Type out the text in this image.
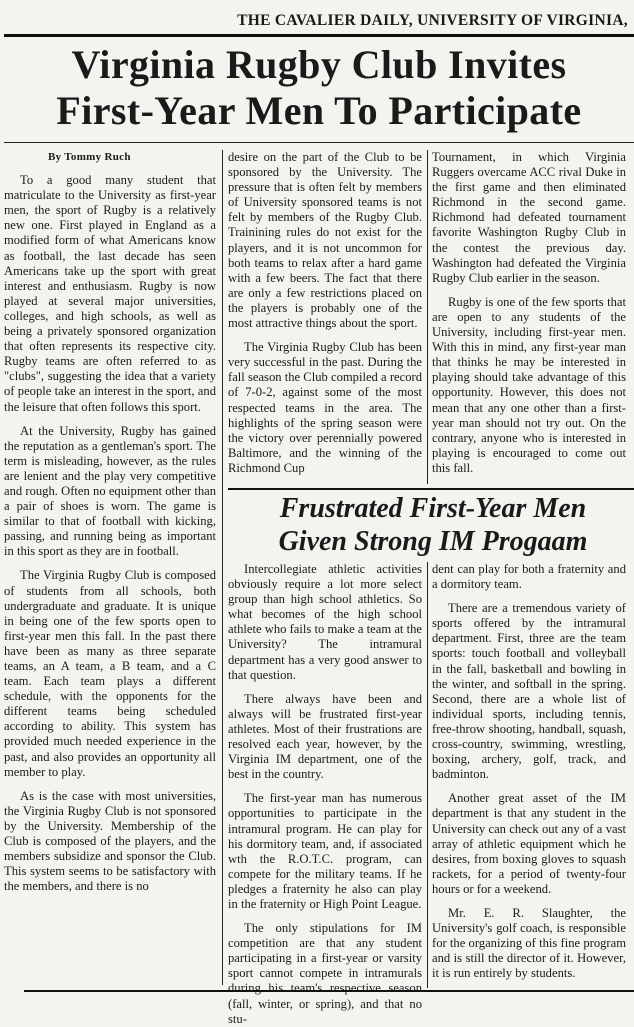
THE CAVALIER DAILY, UNIVERSITY OF VIRGINIA,
Virginia Rugby Club Invites
First-Year Men To Participate
By Tommy Ruch

To a good many student that matriculate to the University as first-year men, the sport of Rugby is a relatively new one. First played in England as a modified form of what Americans know as football, the last decade has seen Americans take up the sport with great interest and enthusiasm. Rugby is now played at several major universities, colleges, and high schools, as well as being a privately sponsored organization that often represents its respective city. Rugby teams are often referred to as "clubs", suggesting the idea that a variety of people take an interest in the sport, and the leisure that often follows this sport.

At the University, Rugby has gained the reputation as a gentleman's sport. The term is misleading, however, as the rules are lenient and the play very competitive and rough. Often no equipment other than a pair of shoes is worn. The game is similar to that of football with kicking, passing, and running being as important in this sport as they are in football.

The Virginia Rugby Club is composed of students from all schools, both undergraduate and graduate. It is unique in being one of the few sports open to first-year men this fall. In the past there have been as many as three separate teams, an A team, a B team, and a C team. Each team plays a different schedule, with the opponents for the different teams being scheduled according to ability. This system has provided much needed experience in the past, and also provides an opportunity all member to play.

As is the case with most universities, the Virginia Rugby Club is not sponsored by the University. Membership of the Club is composed of the players, and the members subsidize and sponsor the Club. This system seems to be satisfactory with the members, and there is no

desire on the part of the Club to be sponsored by the University. The pressure that is often felt by members of University sponsored teams is not felt by members of the Rugby Club. Trainining rules do not exist for the players, and it is not uncommon for both teams to relax after a hard game with a few beers. The fact that there are only a few restrictions placed on the players is probably one of the most attractive things about the sport.

The Virginia Rugby Club has been very successful in the past. During the fall season the Club compiled a record of 7-0-2, against some of the most respected teams in the area. The highlights of the spring season were the victory over perennially powered Baltimore, and the winning of the Richmond Cup

Tournament, in which Virginia Ruggers overcame ACC rival Duke in the first game and then eliminated Richmond in the second game. Richmond had defeated tournament favorite Washington Rugby Club in the contest the previous day. Washington had defeated the Virginia Rugby Club earlier in the season.

Rugby is one of the few sports that are open to any students of the University, including first-year men. With this in mind, any first-year man that thinks he may be interested in playing should take advantage of this opportunity. However, this does not mean that any one other than a first-year man should not try out. On the contrary, anyone who is interested in playing is encouraged to come out this fall.

Frustrated First-Year Men
Given Strong IM Progaam

Intercollegiate athletic activities obviously require a lot more select group than high school athletics. So what becomes of the high school athlete who fails to make a team at the University? The intramural department has a very good answer to that question.

There always have been and always will be frustrated first-year athletes. Most of their frustrations are resolved each year, however, by the Virginia IM department, one of the best in the country.

The first-year man has numerous opportunities to participate in the intramural program. He can play for his dormitory team, and, if associated wth the R.O.T.C. program, can compete for the military teams. If he pledges a fraternity he also can play in the fraternity or High Point League.

The only stipulations for IM competition are that any student participating in a first-year or varsity sport cannot compete in intramurals during his team's respective season (fall, winter, or spring), and that no stu-

dent can play for both a fraternity and a dormitory team.

There are a tremendous variety of sports offered by the intramural department. First, three are the team sports: touch football and volleyball in the fall, basketball and bowling in the winter, and softball in the spring. Second, there are a whole list of individual sports, including tennis, free-throw shooting, handball, squash, cross-country, swimming, wrestling, boxing, archery, golf, track, and badminton.

Another great asset of the IM department is that any student in the University can check out any of a vast array of athletic equipment which he desires, from boxing gloves to squash rackets, for a period of twenty-four hours or for a weekend.

Mr. E. R. Slaughter, the University's golf coach, is responsible for the organizing of this fine program and is still the director of it. However, it is run entirely by students.
